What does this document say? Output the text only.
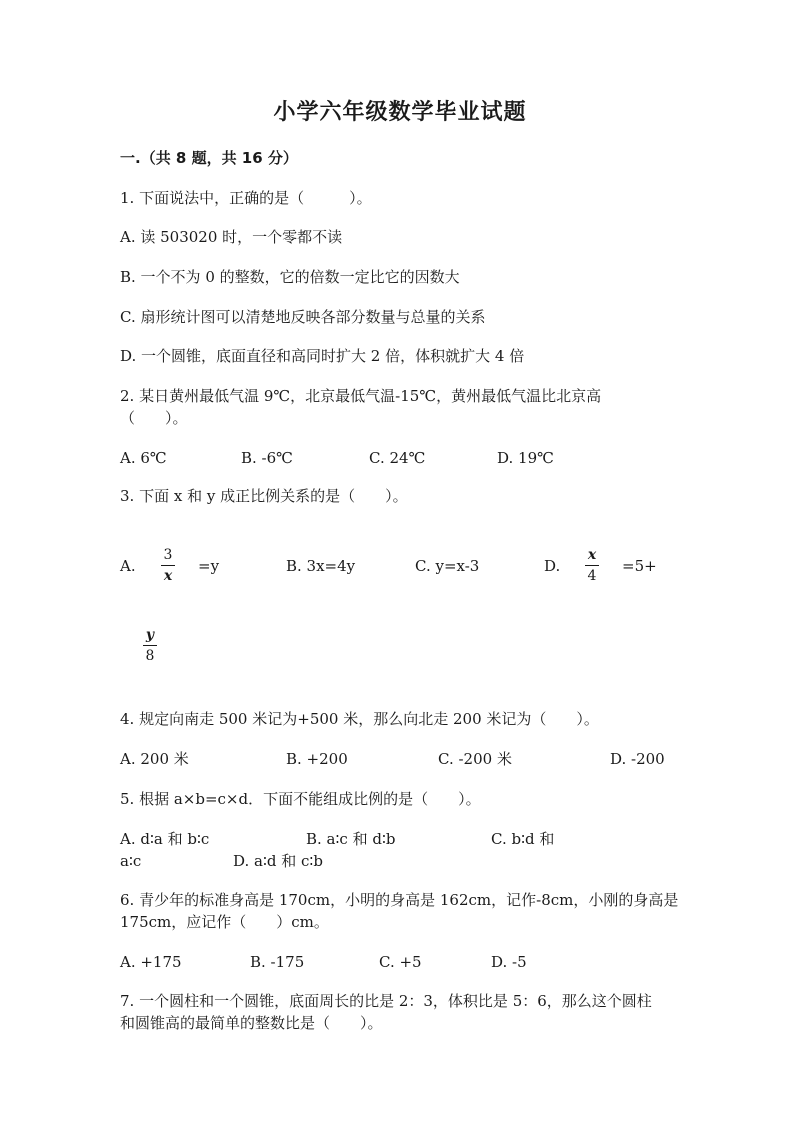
小学六年级数学毕业试题
一.（共 8 题，共 16 分）
1. 下面说法中，正确的是（　　　）。
A. 读 503020 时，一个零都不读
B. 一个不为 0 的整数，它的倍数一定比它的因数大
C. 扇形统计图可以清楚地反映各部分数量与总量的关系
D. 一个圆锥，底面直径和高同时扩大 2 倍，体积就扩大 4 倍
2. 某日黄州最低气温 9℃，北京最低气温-15℃，黄州最低气温比北京高
（　　）。
A. 6℃	B. -6℃	C. 24℃	D. 19℃
3. 下面 x 和 y 成正比例关系的是（　　）。
A.
3
x
=y	B. 3x=4y	C. y=x-3	D.
x
4
=5+
y
8
4. 规定向南走 500 米记为+500 米，那么向北走 200 米记为（　　）。
A. 200 米	B. +200	C. -200 米	D. -200
5. 根据 a×b=c×d．下面不能组成比例的是（　　）。
A. d∶a 和 b∶c	B. a∶c 和 d∶b	C. b∶d 和
a∶c	D. a∶d 和 c∶b
6. 青少年的标准身高是 170cm，小明的身高是 162cm，记作-8cm，小刚的身高是
175cm，应记作（　　）cm。
A. +175	B. -175	C. +5	D. -5
7. 一个圆柱和一个圆锥，底面周长的比是 2：3，体积比是 5：6，那么这个圆柱
和圆锥高的最简单的整数比是（　　）。
